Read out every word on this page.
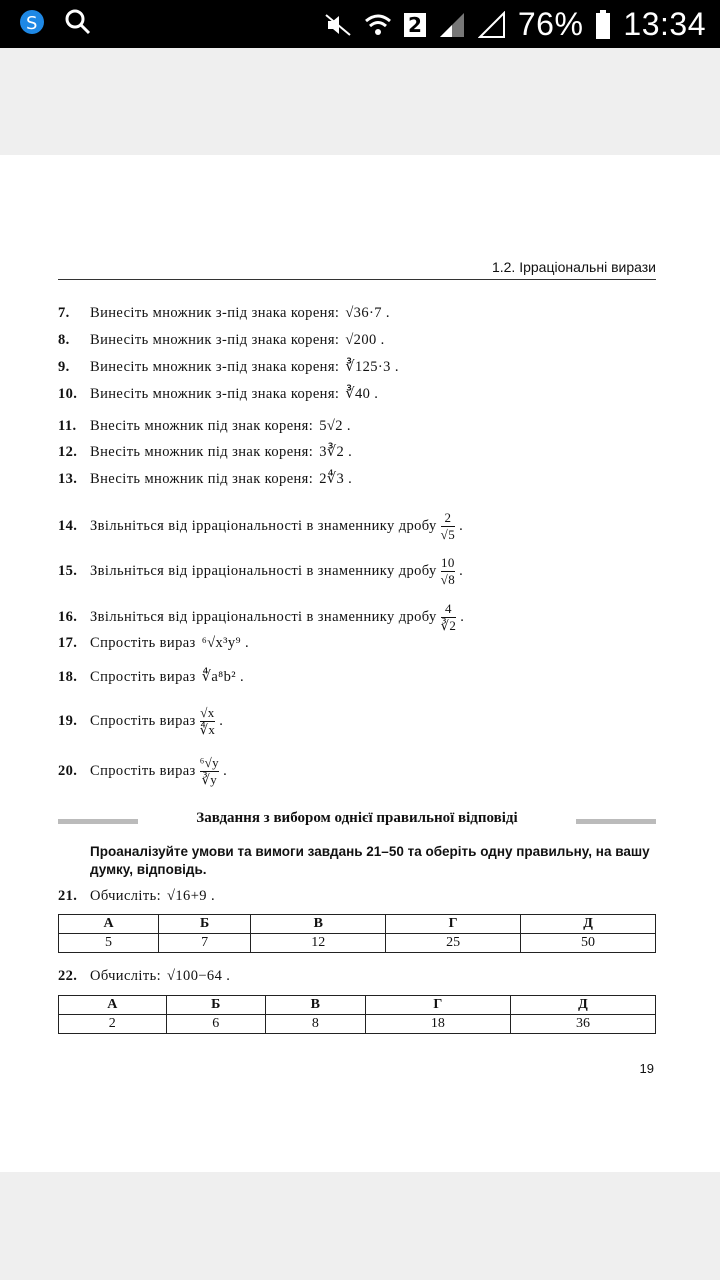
S	2	76% 13:34
1.2. Ірраціональні вирази
7.	Винесіть множник з-під знака кореня: √36·7 .
8.	Винесіть множник з-під знака кореня: √200 .
9.	Винесіть множник з-під знака кореня: ∛125·3 .
10. Винесіть множник з-під знака кореня: ∛40 .
11. Внесіть множник під знак кореня: 5√2 .
12. Внесіть множник під знак кореня: 3∛2 .
13. Внесіть множник під знак кореня: 2∜3 .
14. Звільніться від ірраціональності в знаменнику дробу $\frac{2}{√5}$ .
15. Звільніться від ірраціональності в знаменнику дробу $\frac{10}{√8}$ .
16. Звільніться від ірраціональності в знаменнику дробу $\frac{4}{∛2}$ .
17. Спростіть вираз ⁶√x³y⁹ .
18. Спростіть вираз ∜a⁸b² .
19. Спростіть вираз $\frac{√x}{∜x}$ .
20. Спростіть вираз $\frac{\text{⁶√y}}{∛y}$ .
Завдання з вибором однієї правильної відповіді
Проаналізуйте умови та вимоги завдань 21–50 та оберіть одну правильну, на вашу думку, відповідь.
21. Обчисліть: √16+9 .
А	Б	В	Г	Д
5	7	12	25	50
22. Обчисліть: √100−64 .
А	Б	В	Г	Д
2	6	8	18	36
19
